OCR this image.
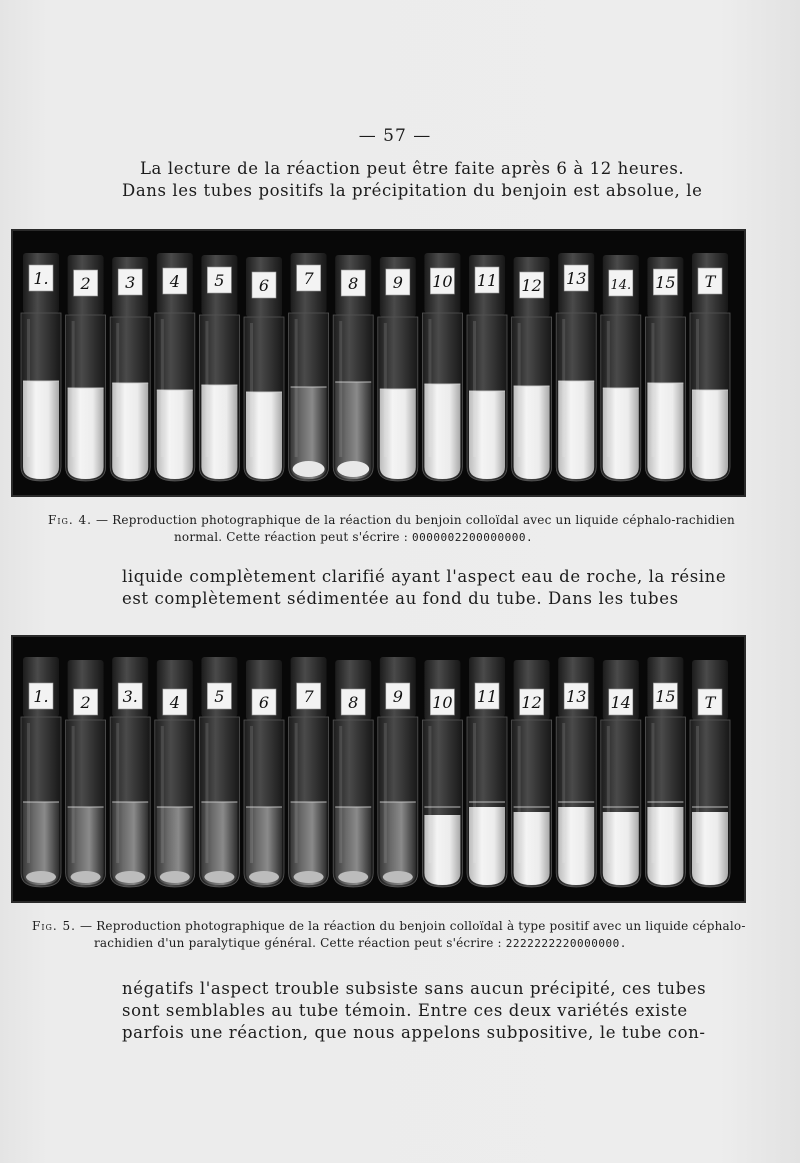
— 57 —
La lecture de la réaction peut être faite après 6 à 12 heures.
Dans les tubes positifs la précipitation du benjoin est absolue, le
1. 2 3 4 5 6 7 8 9 10 11 12 13 14. 15 T
Fig. 4. — Reproduction photographique de la réaction du benjoin colloïdal avec un liquide céphalo-rachidien
normal. Cette réaction peut s'écrire : 0000002200000000.
liquide complètement clarifié ayant l'aspect eau de roche, la résine
est complètement sédimentée au fond du tube. Dans les tubes
1. 2 3. 4 5 6 7 8 9 10 11 12 13 14 15 T
Fig. 5. — Reproduction photographique de la réaction du benjoin colloïdal à type positif avec un liquide céphalo-
rachidien d'un paralytique général. Cette réaction peut s'écrire : 2222222220000000.
négatifs l'aspect trouble subsiste sans aucun précipité, ces tubes
sont semblables au tube témoin. Entre ces deux variétés existe
parfois une réaction, que nous appelons subpositive, le tube con-
